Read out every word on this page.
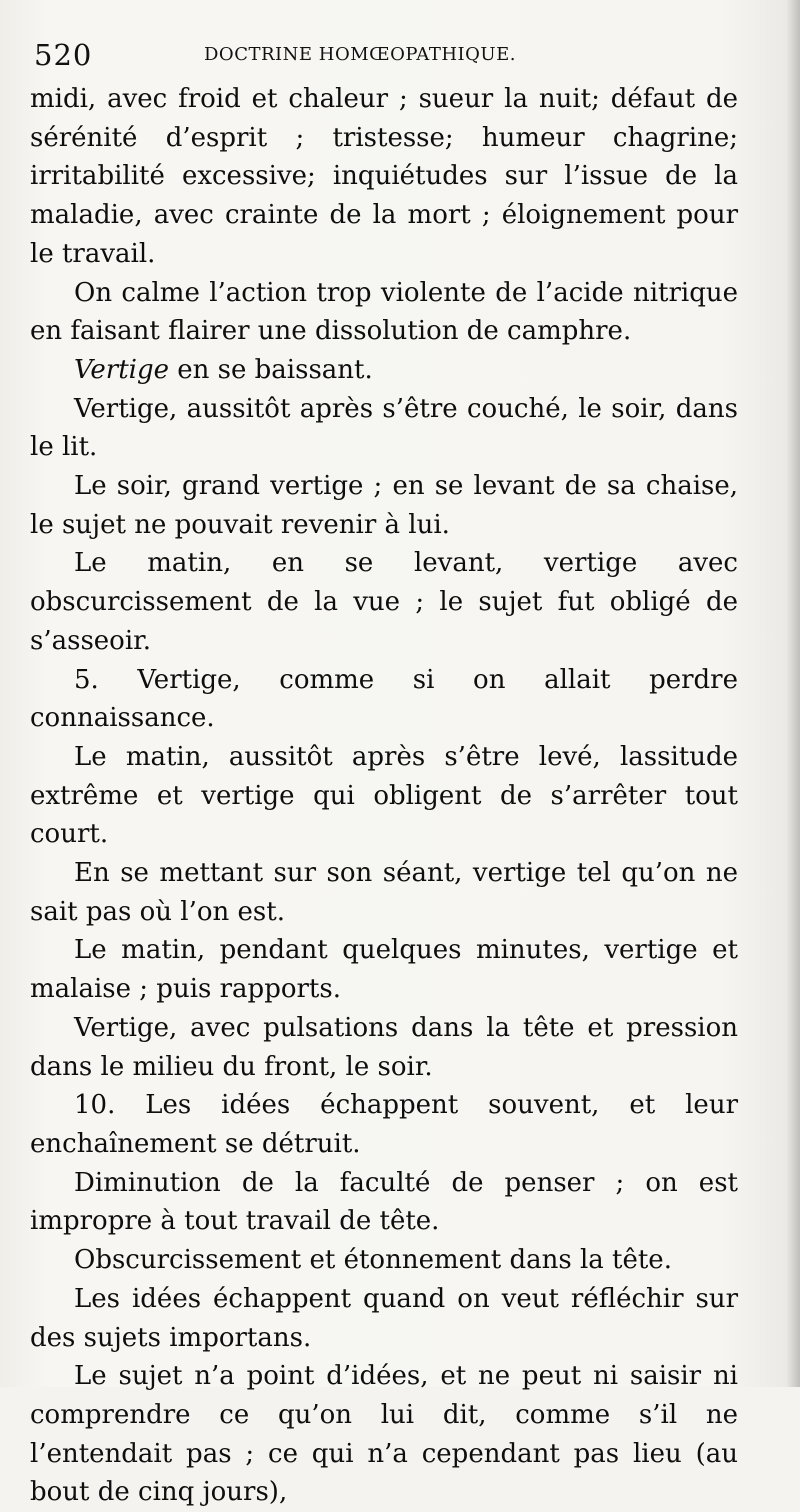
520	DOCTRINE HOMŒOPATHIQUE.

midi, avec froid et chaleur ; sueur la nuit; défaut de sérénité d’esprit ; tristesse; humeur chagrine; irritabilité excessive; inquiétudes sur l’issue de la maladie, avec crainte de la mort ; éloignement pour le travail.

On calme l’action trop violente de l’acide nitrique en faisant flairer une dissolution de camphre.

Vertige en se baissant.

Vertige, aussitôt après s’être couché, le soir, dans le lit.

Le soir, grand vertige ; en se levant de sa chaise, le sujet ne pouvait revenir à lui.

Le matin, en se levant, vertige avec obscurcissement de la vue ; le sujet fut obligé de s’asseoir.

5. Vertige, comme si on allait perdre connaissance.

Le matin, aussitôt après s’être levé, lassitude extrême et vertige qui obligent de s’arrêter tout court.

En se mettant sur son séant, vertige tel qu’on ne sait pas où l’on est.

Le matin, pendant quelques minutes, vertige et malaise ; puis rapports.

Vertige, avec pulsations dans la tête et pression dans le milieu du front, le soir.

10. Les idées échappent souvent, et leur enchaînement se détruit.

Diminution de la faculté de penser ; on est impropre à tout travail de tête.

Obscurcissement et étonnement dans la tête.

Les idées échappent quand on veut réfléchir sur des sujets importans.

Le sujet n’a point d’idées, et ne peut ni saisir ni comprendre ce qu’on lui dit, comme s’il ne l’entendait pas ; ce qui n’a cependant pas lieu (au bout de cinq jours),
